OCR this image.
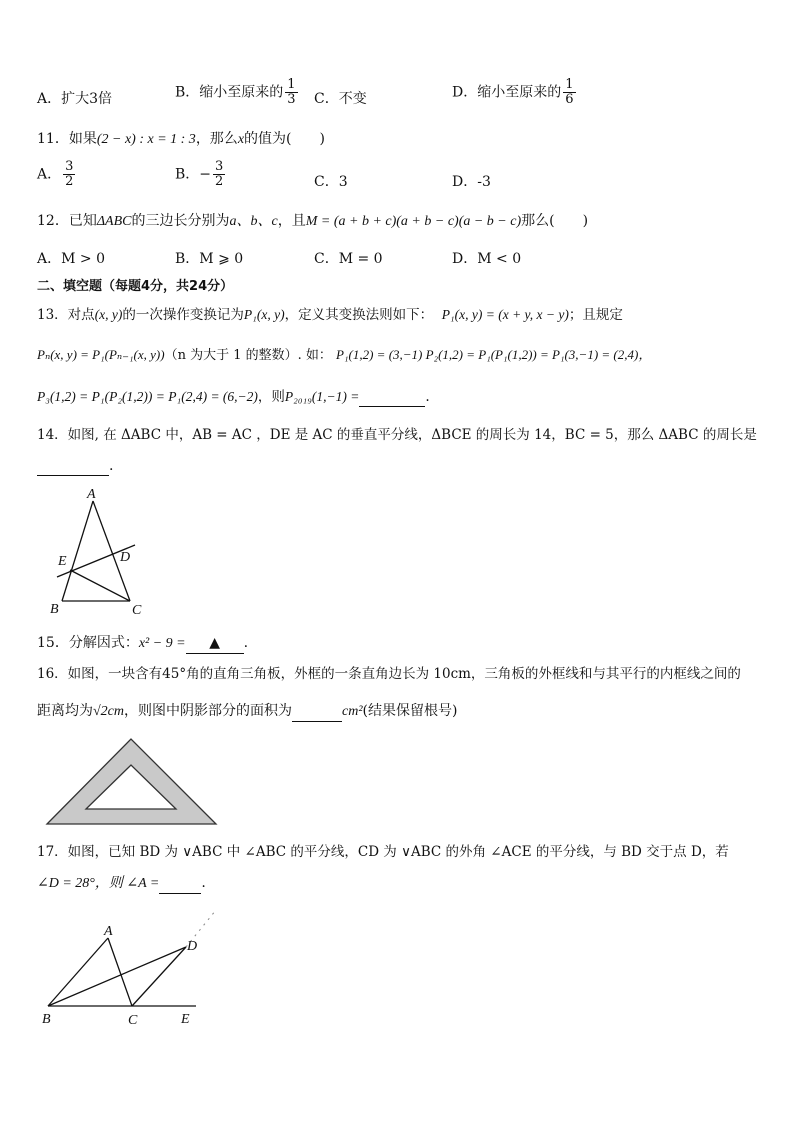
A．扩大3倍	B．缩小至原来的 $\frac{1}{3}$ C．不变	D．缩小至原来的 $\frac{1}{6}$
11．如果(2 − x) : x = 1 : 3，那么x的值为(　　)
A． $\frac{3}{2}$	B．− $\frac{3}{2}$	C．3	D．-3
12．已知ΔABC的三边长分别为a、b、c，且M = (a + b + c)(a + b − c)(a − b − c)那么(　　)
A．M > 0	B．M ⩾ 0	C．M = 0	D．M < 0
二、填空题（每题4分，共24分）
13．对点(x, y)的一次操作变换记为P₁(x, y)，定义其变换法则如下： P₁(x, y) = (x + y, x − y)；且规定
Pₙ(x, y) = P₁(Pₙ₋₁(x, y))（n 为大于 1 的整数）. 如： P₁(1,2) = (3,−1) P₂(1,2) = P₁(P₁(1,2)) = P₁(3,−1) = (2,4)，
P₃(1,2) = P₁(P₂(1,2)) = P₁(2,4) = (6,−2)，则P₂₀₁₉(1,−1) =	.
14．如图, 在 ΔABC 中，AB = AC ，DE 是 AC 的垂直平分线，ΔBCE 的周长为 14，BC = 5，那么 ΔABC 的周长是
.
A
B	C
D
E
15．分解因式：x² − 9 = ▲ .
16．如图，一块含有45°角的直角三角板，外框的一条直角边长为 10cm，三角板的外框线和与其平行的内框线之间的
距离均为√2cm，则图中阴影部分的面积为	cm²(结果保留根号)
17．如图，已知 BD 为 ∨ABC 中 ∠ABC 的平分线，CD 为 ∨ABC 的外角 ∠ACE 的平分线，与 BD 交于点 D，若
∠D = 28°，则 ∠A =	.
A
B	C
D
E
